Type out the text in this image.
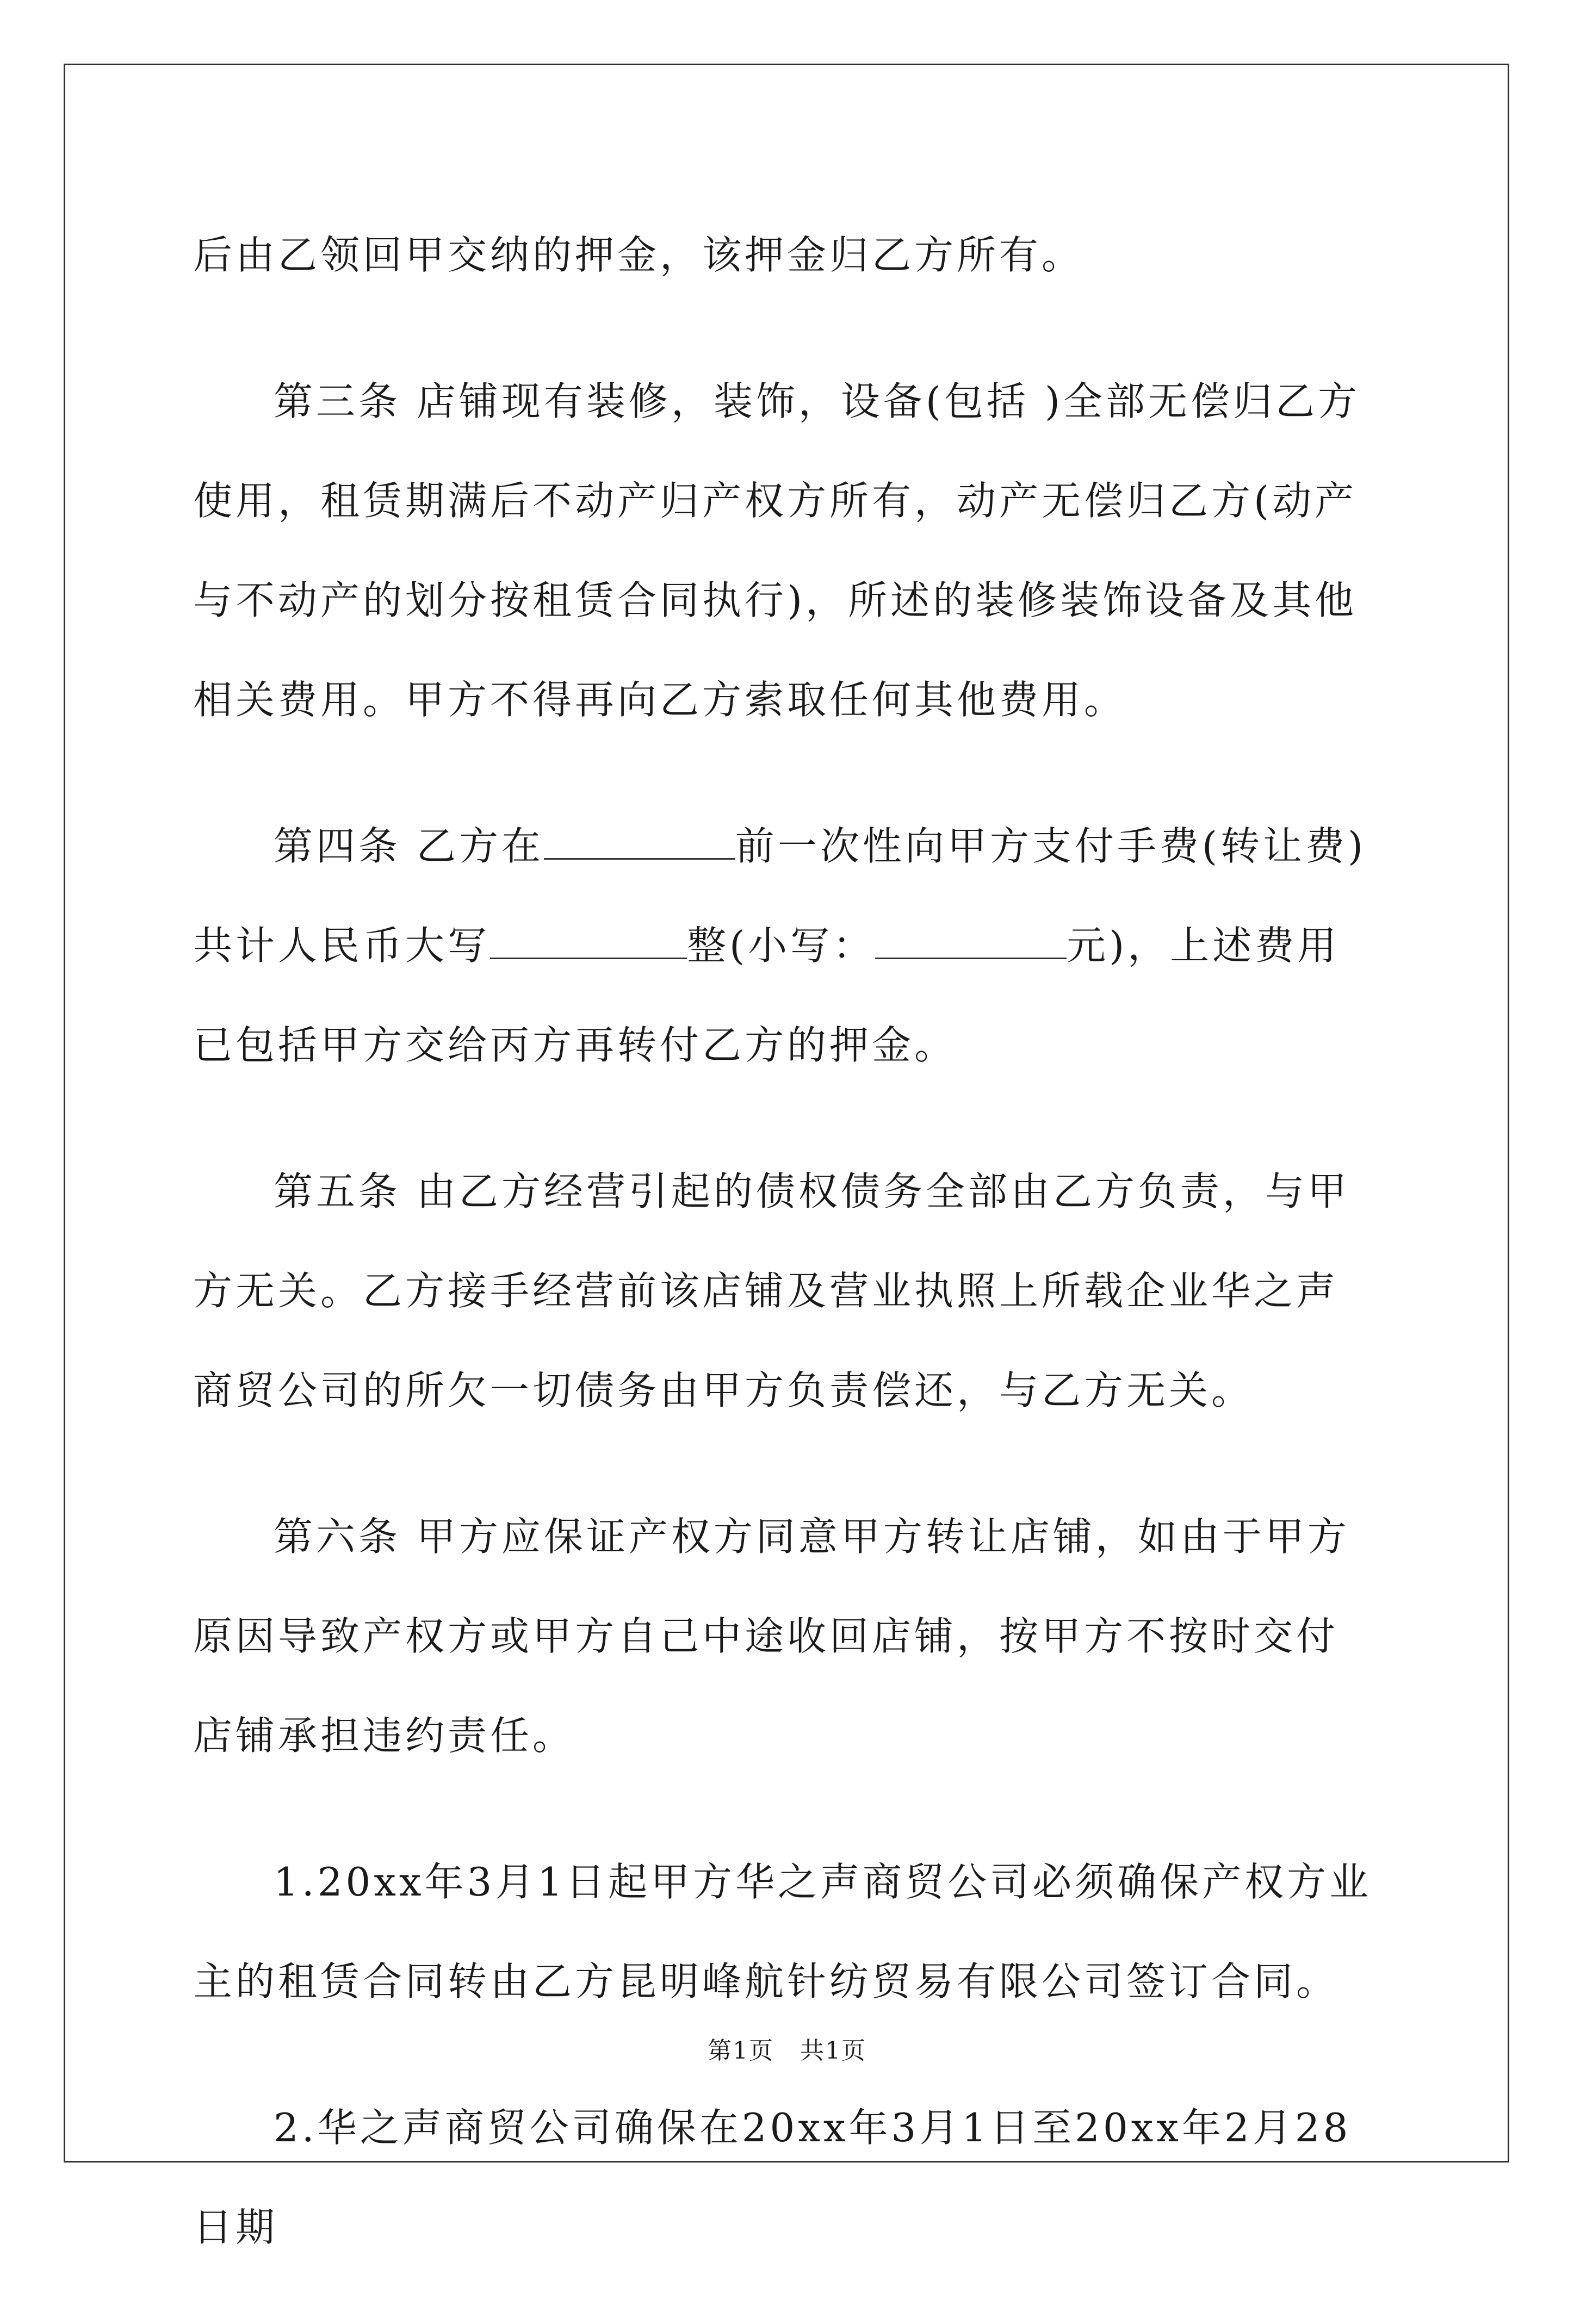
后由乙领回甲交纳的押金，该押金归乙方所有。

第三条 店铺现有装修，装饰，设备(包括 )全部无偿归乙方使用，租赁期满后不动产归产权方所有，动产无偿归乙方(动产与不动产的划分按租赁合同执行)，所述的装修装饰设备及其他相关费用。甲方不得再向乙方索取任何其他费用。

第四条 乙方在	前一次性向甲方支付手费(转让费)共计人民币大写	整(小写：	元)，上述费用已包括甲方交给丙方再转付乙方的押金。

第五条 由乙方经营引起的债权债务全部由乙方负责，与甲方无关。乙方接手经营前该店铺及营业执照上所载企业华之声商贸公司的所欠一切债务由甲方负责偿还，与乙方无关。

第六条 甲方应保证产权方同意甲方转让店铺，如由于甲方原因导致产权方或甲方自己中途收回店铺，按甲方不按时交付店铺承担违约责任。

1.20xx年3月1日起甲方华之声商贸公司必须确保产权方业主的租赁合同转由乙方昆明峰航针纺贸易有限公司签订合同。

2.华之声商贸公司确保在20xx年3月1日至20xx年2月28日期

第1页 共1页
